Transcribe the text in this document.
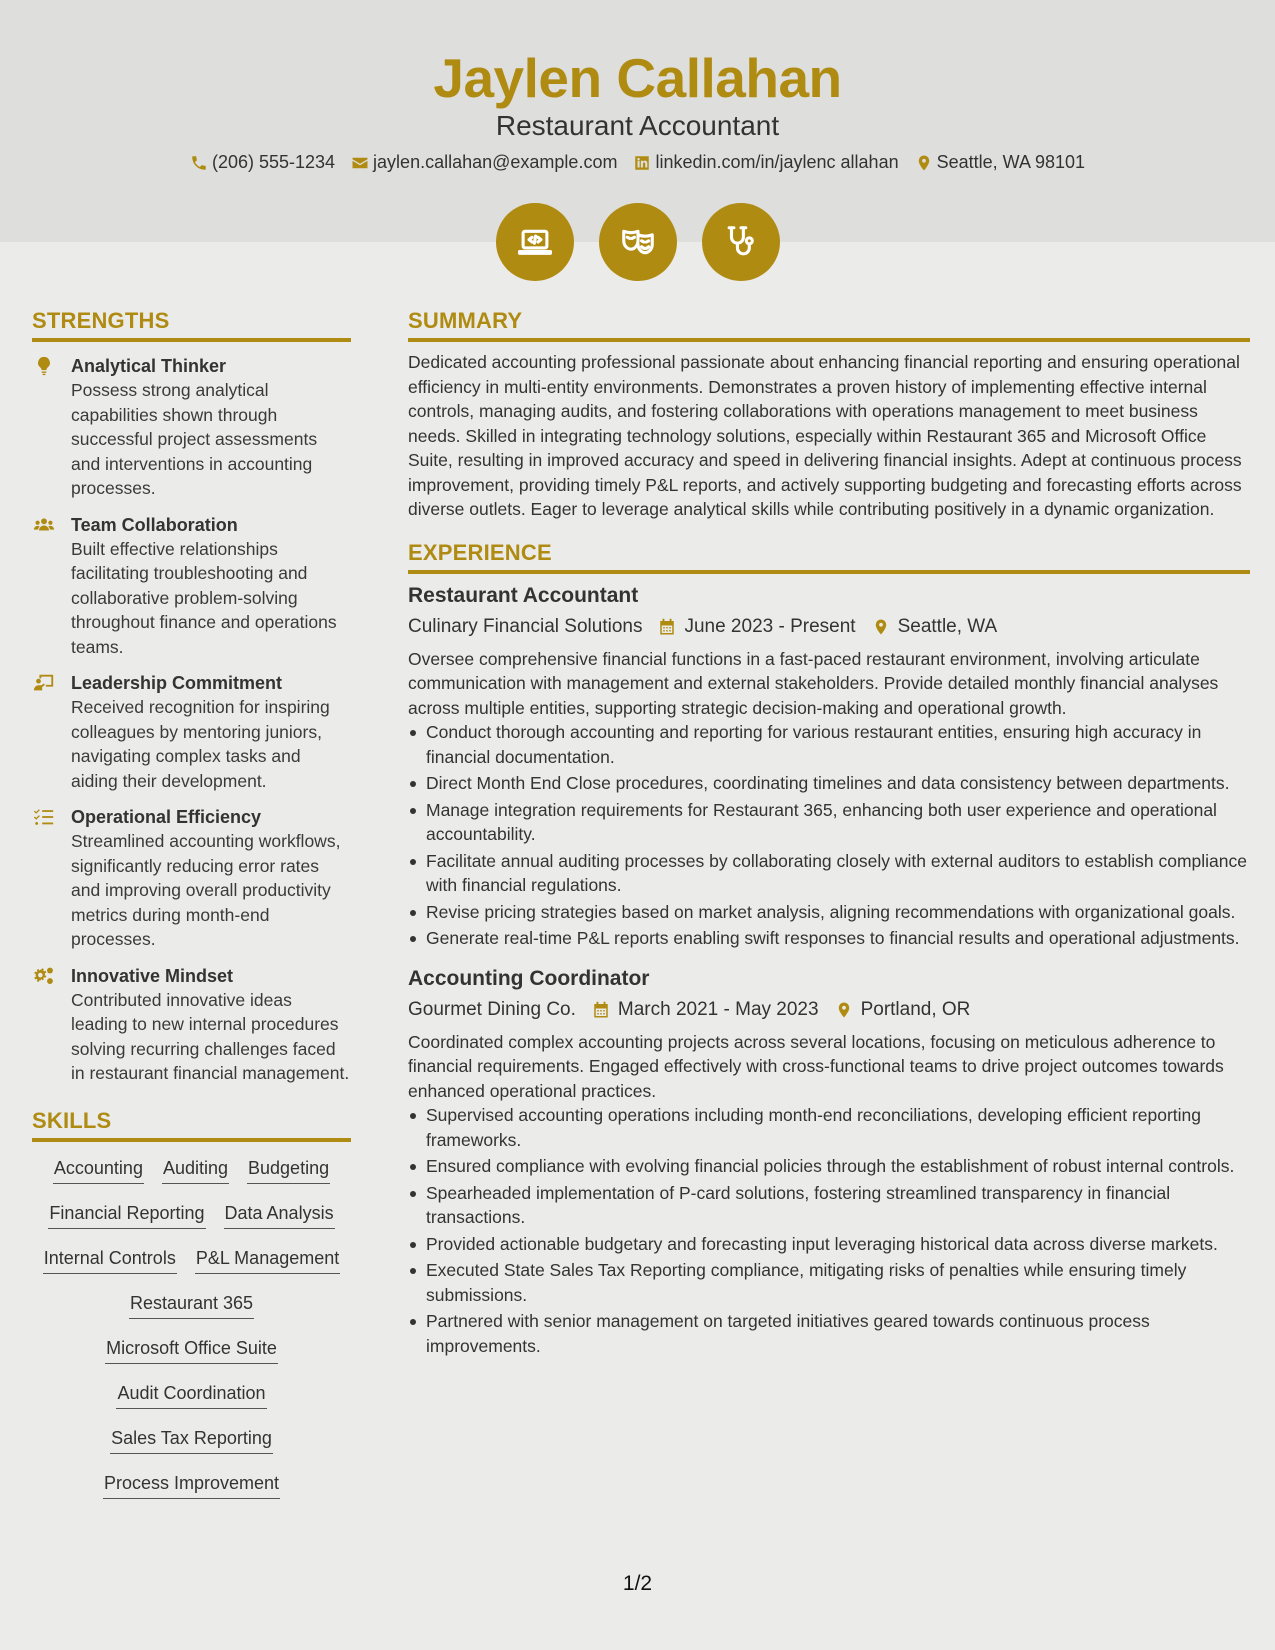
Jaylen Callahan
Restaurant Accountant
(206) 555-1234 jaylen.callahan@example.com linkedin.com/in/jaylenc allahan Seattle, WA 98101
STRENGTHS
Analytical Thinker

Possess strong analytical capabilities shown through successful project assessments and interventions in accounting processes.

Team Collaboration

Built effective relationships facilitating troubleshooting and collaborative problem-solving throughout finance and operations teams.

Leadership Commitment

Received recognition for inspiring colleagues by mentoring juniors, navigating complex tasks and aiding their development.

Operational Efficiency

Streamlined accounting workflows, significantly reducing error rates and improving overall productivity metrics during month-end processes.

Innovative Mindset

Contributed innovative ideas leading to new internal procedures solving recurring challenges faced in restaurant financial management.

SKILLS
Accounting Auditing Budgeting
Financial Reporting Data Analysis
Internal Controls P&L Management
Restaurant 365
Microsoft Office Suite
Audit Coordination
Sales Tax Reporting
Process Improvement
SUMMARY

Dedicated accounting professional passionate about enhancing financial reporting and ensuring operational efficiency in multi-entity environments. Demonstrates a proven history of implementing effective internal controls, managing audits, and fostering collaborations with operations management to meet business needs. Skilled in integrating technology solutions, especially within Restaurant 365 and Microsoft Office Suite, resulting in improved accuracy and speed in delivering financial insights. Adept at continuous process improvement, providing timely P&L reports, and actively supporting budgeting and forecasting efforts across diverse outlets. Eager to leverage analytical skills while contributing positively in a dynamic organization.

EXPERIENCE
Restaurant Accountant
Culinary Financial Solutions June 2023 - Present Seattle, WA

Oversee comprehensive financial functions in a fast-paced restaurant environment, involving articulate communication with management and external stakeholders. Provide detailed monthly financial analyses across multiple entities, supporting strategic decision-making and operational growth.

Conduct thorough accounting and reporting for various restaurant entities, ensuring high accuracy in financial documentation.
Direct Month End Close procedures, coordinating timelines and data consistency between departments.
Manage integration requirements for Restaurant 365, enhancing both user experience and operational accountability.
Facilitate annual auditing processes by collaborating closely with external auditors to establish compliance with financial regulations.
Revise pricing strategies based on market analysis, aligning recommendations with organizational goals.
Generate real-time P&L reports enabling swift responses to financial results and operational adjustments.
Accounting Coordinator
Gourmet Dining Co. March 2021 - May 2023 Portland, OR

Coordinated complex accounting projects across several locations, focusing on meticulous adherence to financial requirements. Engaged effectively with cross-functional teams to drive project outcomes towards enhanced operational practices.

Supervised accounting operations including month-end reconciliations, developing efficient reporting frameworks.
Ensured compliance with evolving financial policies through the establishment of robust internal controls.
Spearheaded implementation of P-card solutions, fostering streamlined transparency in financial transactions.
Provided actionable budgetary and forecasting input leveraging historical data across diverse markets.
Executed State Sales Tax Reporting compliance, mitigating risks of penalties while ensuring timely submissions.
Partnered with senior management on targeted initiatives geared towards continuous process improvements.
1/2
